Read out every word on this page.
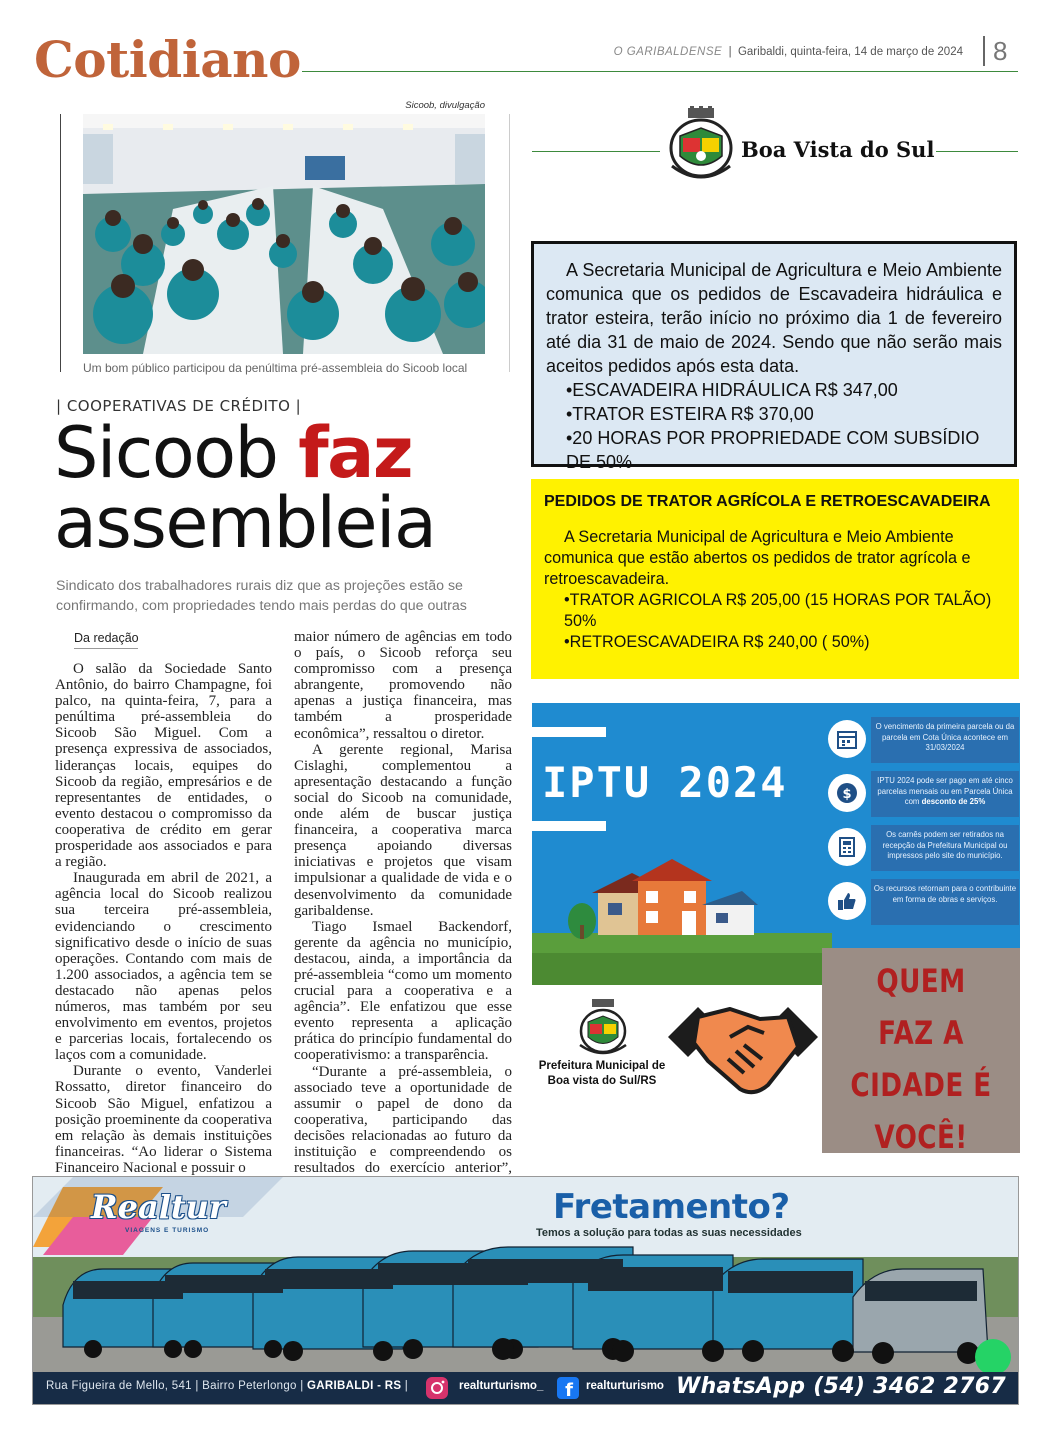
Cotidiano	O GARIBALDENSE  |  Garibaldi, quinta-feira, 14 de março de 2024 8
Sicoob, divulgação
Um bom público participou da penúltima pré-assembleia do Sicoob local
| COOPERATIVAS DE CRÉDITO |
Sicoob faz
assembleia
Sindicato dos trabalhadores rurais diz que as projeções estão se confirmando, com propriedades tendo mais perdas do que outras
Da redação

O salão da Sociedade Santo Antônio, do bairro Champagne, foi palco, na quinta-feira, 7, para a penúltima pré-assembleia do Sicoob São Miguel. Com a presença expressiva de associados, lideranças locais, equipes do Sicoob da região, empresários e de representantes de entidades, o evento destacou o compromisso da cooperativa de crédito em gerar prosperidade aos associados e para a região.

Inaugurada em abril de 2021, a agência local do Sicoob realizou sua terceira pré-assembleia, evidenciando o crescimento significativo desde o início de suas operações. Contando com mais de 1.200 associados, a agência tem se destacado não apenas pelos números, mas também por seu envolvimento em eventos, projetos e parcerias locais, fortalecendo os laços com a comunidade.

Durante o evento, Vanderlei Rossatto, diretor financeiro do Sicoob São Miguel, enfatizou a posição proeminente da cooperativa em relação às demais instituições financeiras. “Ao liderar o Sistema Financeiro Nacional e possuir o

maior número de agências em todo o país, o Sicoob reforça seu compromisso com a presença abrangente, promovendo não apenas a justiça financeira, mas também a prosperidade econômica”, ressaltou o diretor.

A gerente regional, Marisa Cislaghi, complementou a apresentação destacando a função social do Sicoob na comunidade, onde além de buscar justiça financeira, a cooperativa marca presença apoiando diversas iniciativas e projetos que visam impulsionar a qualidade de vida e o desenvolvimento da comunidade garibaldense.

Tiago Ismael Backendorf, gerente da agência no município, destacou, ainda, a importância da pré-assembleia “como um momento crucial para a cooperativa e a agência”. Ele enfatizou que esse evento representa a aplicação prática do princípio fundamental do cooperativismo: a transparência.

“Durante a pré-assembleia, o associado teve a oportunidade de assumir o papel de dono da cooperativa, participando das decisões relacionadas ao futuro da instituição e compreendendo os resultados do exercício anterior”,

Boa Vista do Sul

A Secretaria Municipal de Agricultura e Meio Ambiente comunica que os pedidos de Escavadeira hidráulica e trator esteira, terão início no próximo dia 1 de fevereiro até dia 31 de maio de 2024. Sendo que não serão mais aceitos pedidos após esta data.

•ESCAVADEIRA HIDRÁULICA R$ 347,00
•TRATOR ESTEIRA R$ 370,00
•20 HORAS POR PROPRIEDADE COM SUBSÍDIO DE 50%
PEDIDOS DE TRATOR AGRÍCOLA E RETROESCAVADEIRA

A Secretaria Municipal de Agricultura e Meio Ambiente comunica que estão abertos os pedidos de trator agrícola e retroescavadeira.

•TRATOR AGRICOLA R$ 205,00 (15 HORAS POR TALÃO) 50%
•RETROESCAVADEIRA R$ 240,00 ( 50%)
IPTU 2024
O vencimento da primeira parcela ou da parcela em Cota Única acontece em 31/03/2024
$
IPTU 2024 pode ser pago em até cinco parcelas mensais ou em Parcela Única com desconto de 25%
Os carnês podem ser retirados na recepção da Prefeitura Municipal ou impressos pelo site do município.
Os recursos retornam para o contribuinte em forma de obras e serviços.
QUEM
FAZ A
CIDADE É
VOCÊ!
Prefeitura Municipal de
Boa vista do Sul/RS
Realtur
VIAGENS E TURISMO
Fretamento?
Temos a solução para todas as suas necessidades
Rua Figueira de Mello, 541 | Bairro Peterlongo | GARIBALDI - RS |	realturturismo_ f realturturismo WhatsApp (54) 3462 2767
